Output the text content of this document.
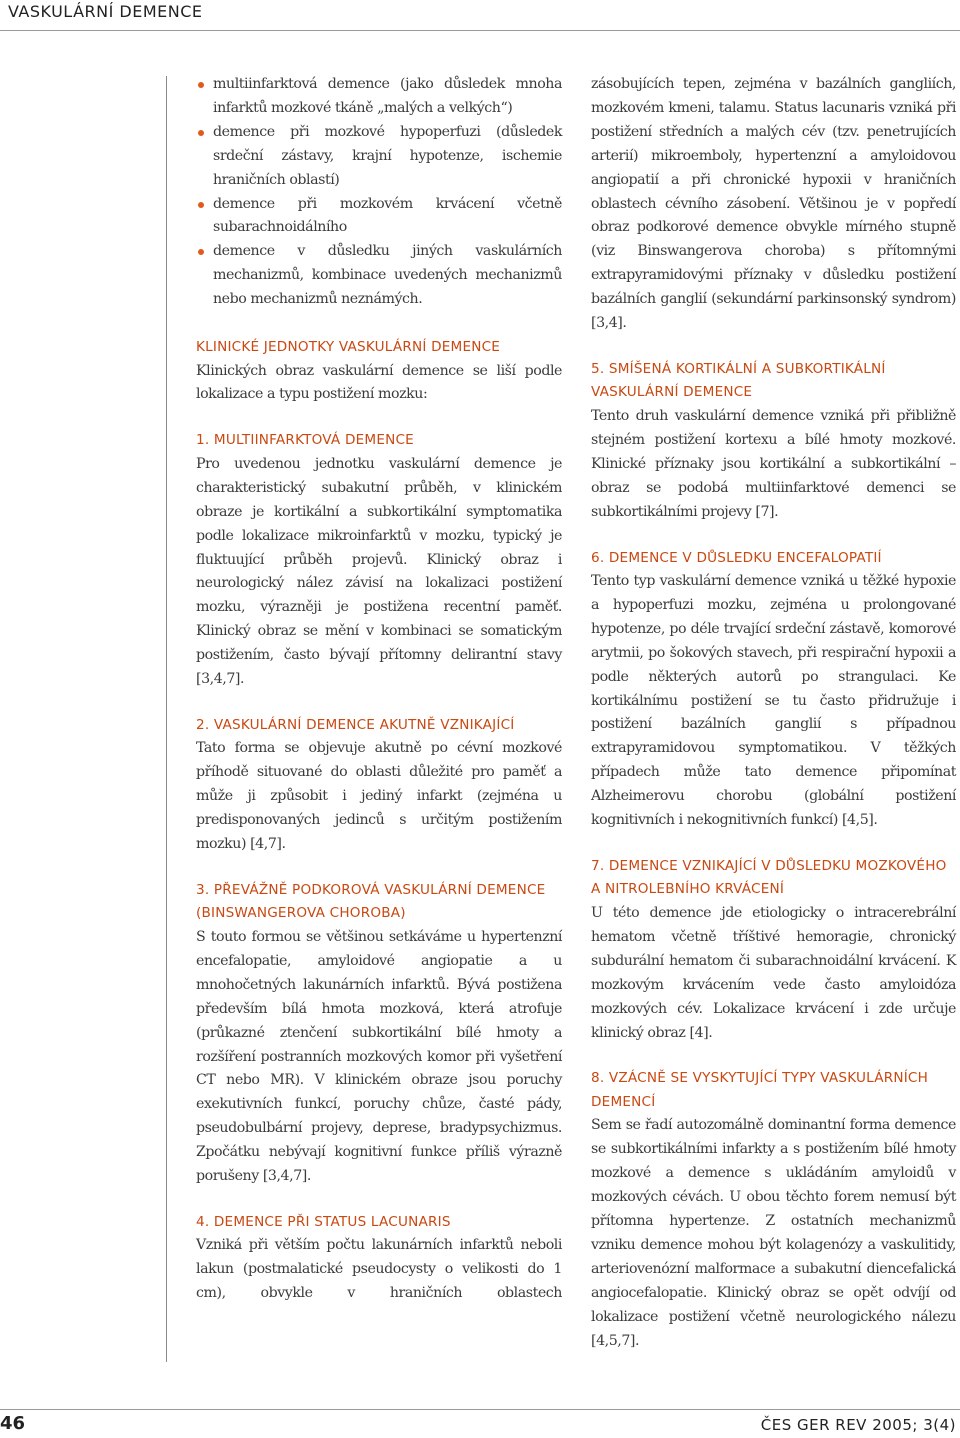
VASKULÁRNÍ DEMENCE
multiinfarktová demence (jako důsledek mnoha infarktů mozkové tkáně „malých a velkých“)
demence při mozkové hypoperfuzi (důsledek srdeční zástavy, krajní hypotenze, ischemie hraničních oblastí)
demence při mozkovém krvácení včetně subarachnoidálního
demence v důsledku jiných vaskulárních mechanizmů, kombinace uvedených mechanizmů nebo mechanizmů neznámých.
KLINICKÉ JEDNOTKY VASKULÁRNÍ DEMENCE

Klinických obraz vaskulární demence se liší podle lokalizace a typu postižení mozku:

1. MULTIINFARKTOVÁ DEMENCE

Pro uvedenou jednotku vaskulární demence je charakteristický subakutní průběh, v klinickém obraze je kortikální a subkortikální symptomatika podle lokalizace mikroinfarktů v mozku, typický je fluktuující průběh projevů. Klinický obraz i neurologický nález závisí na lokalizaci postižení mozku, výrazněji je postižena recentní paměť. Klinický obraz se mění v kombinaci se somatickým postižením, často bývají přítomny delirantní stavy [3,4,7].

2. VASKULÁRNÍ DEMENCE AKUTNĚ VZNIKAJÍCÍ

Tato forma se objevuje akutně po cévní mozkové příhodě situované do oblasti důležité pro paměť a může ji způsobit i jediný infarkt (zejména u predisponovaných jedinců s určitým postižením mozku) [4,7].

3. PŘEVÁŽNĚ PODKOROVÁ VASKULÁRNÍ DEMENCE (BINSWANGEROVA CHOROBA)

S touto formou se většinou setkáváme u hypertenzní encefalopatie, amyloidové angiopatie a u mnohočetných lakunárních infarktů. Bývá postižena především bílá hmota mozková, která atrofuje (průkazné ztenčení subkortikální bílé hmoty a rozšíření postranních mozkových komor při vyšetření CT nebo MR). V klinickém obraze jsou poruchy exekutivních funkcí, poruchy chůze, časté pády, pseudobulbární projevy, deprese, bradypsychizmus. Zpočátku nebývají kognitivní funkce příliš výrazně porušeny [3,4,7].

4. DEMENCE PŘI STATUS LACUNARIS

Vzniká při větším počtu lakunárních infarktů neboli lakun (postmalatické pseudocysty o velikosti do 1 cm), obvykle v hraničních oblastech

zásobujících tepen, zejména v bazálních gangliích, mozkovém kmeni, talamu. Status lacunaris vzniká při postižení středních a malých cév (tzv. penetrujících arterií) mikroemboly, hypertenzní a amyloidovou angiopatií a při chronické hypoxii v hraničních oblastech cévního zásobení. Většinou je v popředí obraz podkorové demence obvykle mírného stupně (viz Binswangerova choroba) s přítomnými extrapyramidovými příznaky v důsledku postižení bazálních ganglií (sekundární parkinsonský syndrom) [3,4].

5. SMÍŠENÁ KORTIKÁLNÍ A SUBKORTIKÁLNÍ VASKULÁRNÍ DEMENCE

Tento druh vaskulární demence vzniká při přibližně stejném postižení kortexu a bílé hmoty mozkové. Klinické příznaky jsou kortikální a subkortikální – obraz se podobá multiinfarktové demenci se subkortikálními projevy [7].

6. DEMENCE V DŮSLEDKU ENCEFALOPATIÍ

Tento typ vaskulární demence vzniká u těžké hypoxie a hypoperfuzi mozku, zejména u prolongované hypotenze, po déle trvající srdeční zástavě, komorové arytmii, po šokových stavech, při respirační hypoxii a podle některých autorů po strangulaci. Ke kortikálnímu postižení se tu často přidružuje i postižení bazálních ganglií s případnou extrapyramidovou symptomatikou. V těžkých případech může tato demence připomínat Alzheimerovu chorobu (globální postižení kognitivních i nekognitivních funkcí) [4,5].

7. DEMENCE VZNIKAJÍCÍ V DŮSLEDKU MOZKOVÉHO A NITROLEBNÍHO KRVÁCENÍ

U této demence jde etiologicky o intracerebrální hematom včetně tříštivé hemoragie, chronický subdurální hematom či subarachnoidální krvácení. K mozkovým krvácením vede často amyloidóza mozkových cév. Lokalizace krvácení i zde určuje klinický obraz [4].

8. VZÁCNĚ SE VYSKYTUJÍCÍ TYPY VASKULÁRNÍCH DEMENCÍ

Sem se řadí autozomálně dominantní forma demence se subkortikálními infarkty a s postižením bílé hmoty mozkové a demence s ukládáním amyloidů v mozkových cévách. U obou těchto forem nemusí být přítomna hypertenze. Z ostatních mechanizmů vzniku demence mohou být kolagenózy a vaskulitidy, arteriovenózní malformace a subakutní diencefalická angiocefalopatie. Klinický obraz se opět odvíjí od lokalizace postižení včetně neurologického nálezu [4,5,7].

46	ČES GER REV 2005; 3(4)
